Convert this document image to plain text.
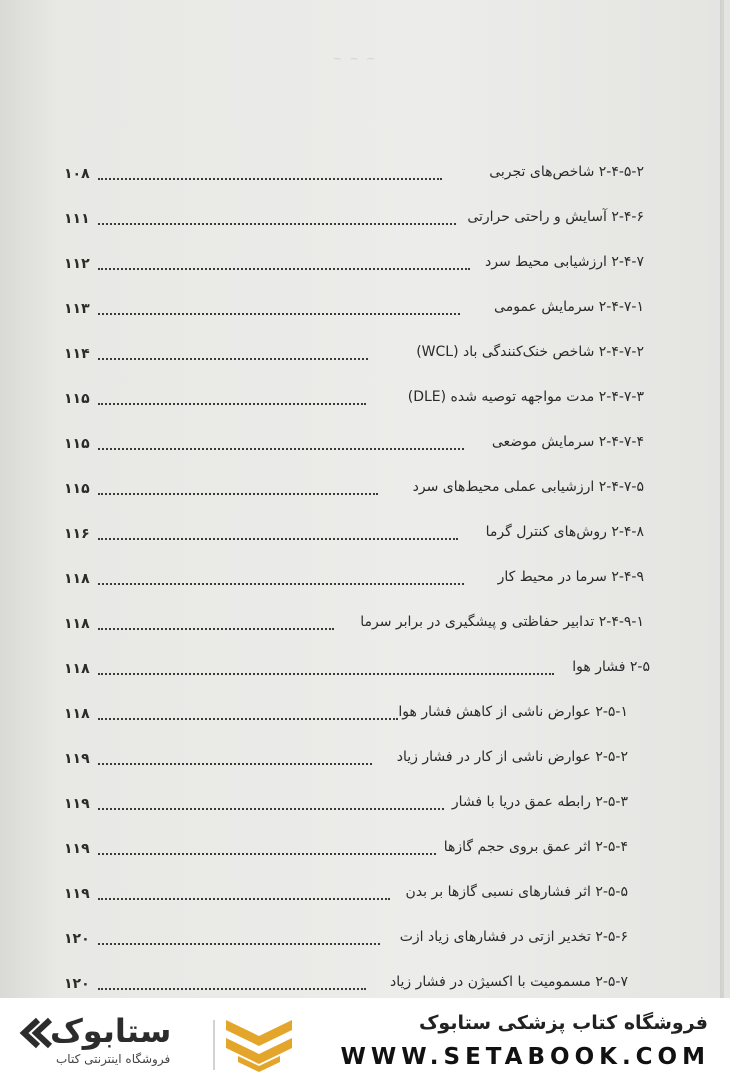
~ ~ ~
۱۰۸	۲-۴-۵-۲ شاخص‌های تجربی
۱۱۱	۲-۴-۶ آسایش و راحتی حرارتی
۱۱۲	۲-۴-۷ ارزشیابی محیط سرد
۱۱۳	۲-۴-۷-۱ سرمایش عمومی
۱۱۴	۲-۴-۷-۲ شاخص خنک‌کنندگی باد (WCL)
۱۱۵	۲-۴-۷-۳ مدت مواجهه توصیه شده (DLE)
۱۱۵	۲-۴-۷-۴ سرمایش موضعی
۱۱۵	۲-۴-۷-۵ ارزشیابی عملی محیط‌های سرد
۱۱۶	۲-۴-۸ روش‌های کنترل گرما
۱۱۸	۲-۴-۹ سرما در محیط کار
۱۱۸	۲-۴-۹-۱ تدابیر حفاظتی و پیشگیری در برابر سرما
۱۱۸	۲-۵ فشار هوا
۱۱۸	۲-۵-۱ عوارض ناشی از کاهش فشار هوا
۱۱۹	۲-۵-۲ عوارض ناشی از کار در فشار زیاد
۱۱۹	۲-۵-۳ رابطه عمق دریا با فشار
۱۱۹	۲-۵-۴ اثر عمق بروی حجم گازها
۱۱۹	۲-۵-۵ اثر فشارهای نسبی گازها بر بدن
۱۲۰	۲-۵-۶ تخدیر ازتی در فشارهای زیاد ازت
۱۲۰	۲-۵-۷ مسمومیت با اکسیژن در فشار زیاد
ستابوک
فروشگاه اینترنتی کتاب
فروشگاه کتاب پزشکی ستابوک
WWW.SETABOOK.COM
